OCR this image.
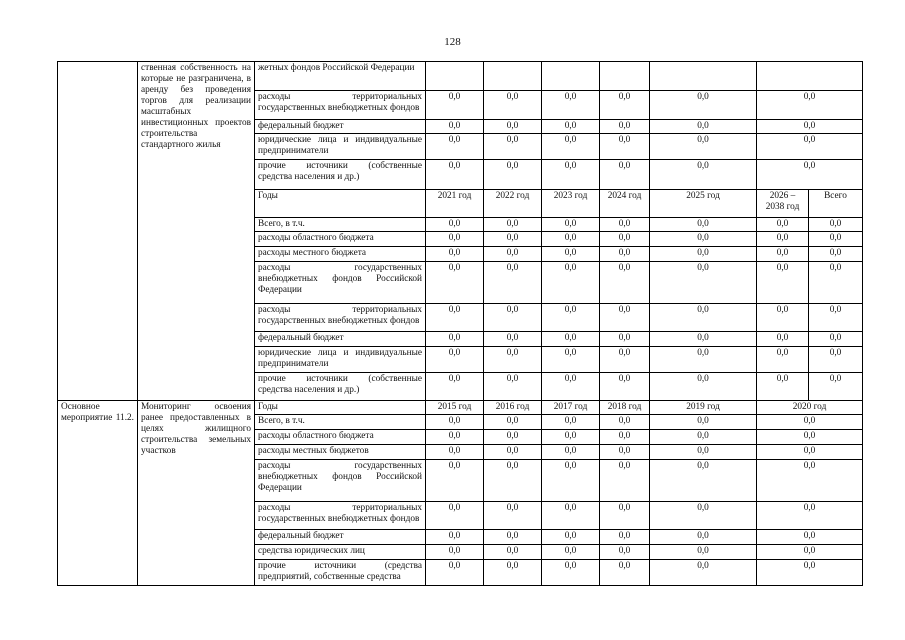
128
	ственная собственность на которые не разграничена, в аренду без проведения торгов для реализации масштабных инвестиционных проектов строительства стандартного жилья	жетных фондов Российской Федерации								
		расходы территориальных государственных внебюджетных фондов	0,0	0,0	0,0	0,0	0,0	0,0		
		федеральный бюджет	0,0	0,0	0,0	0,0	0,0	0,0		
		юридические лица и индивидуальные предприниматели	0,0	0,0	0,0	0,0	0,0	0,0		
		прочие источники (собственные средства населения и др.)	0,0	0,0	0,0	0,0	0,0	0,0		
		Годы	2021 год	2022 год	2023 год	2024 год	2025 год	2026 – 2038 год	Всего	
		Всего, в т.ч.	0,0	0,0	0,0	0,0	0,0	0,0	0,0	
		расходы областного бюджета	0,0	0,0	0,0	0,0	0,0	0,0	0,0	
		расходы местного бюджета	0,0	0,0	0,0	0,0	0,0	0,0	0,0	
		расходы государственных внебюджетных фондов Российской Федерации	0,0	0,0	0,0	0,0	0,0	0,0	0,0	
		расходы территориальных государственных внебюджетных фондов	0,0	0,0	0,0	0,0	0,0	0,0	0,0	
		федеральный бюджет	0,0	0,0	0,0	0,0	0,0	0,0	0,0	
		юридические лица и индивидуальные предприниматели	0,0	0,0	0,0	0,0	0,0	0,0	0,0	
		прочие источники (собственные средства населения и др.)	0,0	0,0	0,0	0,0	0,0	0,0	0,0	
Основное мероприятие 11.2.	Мониторинг освоения ранее предоставленных в целях жилищного строительства земельных участков	Годы	2015 год	2016 год	2017 год	2018 год	2019 год	2020 год		
		Всего, в т.ч.	0,0	0,0	0,0	0,0	0,0	0,0		
		расходы областного бюджета	0,0	0,0	0,0	0,0	0,0	0,0		
		расходы местных бюджетов	0,0	0,0	0,0	0,0	0,0	0,0		
		расходы государственных внебюджетных фондов Российской Федерации	0,0	0,0	0,0	0,0	0,0	0,0		
		расходы территориальных государственных внебюджетных фондов	0,0	0,0	0,0	0,0	0,0	0,0		
		федеральный бюджет	0,0	0,0	0,0	0,0	0,0	0,0		
		средства юридических лиц	0,0	0,0	0,0	0,0	0,0	0,0		
		прочие источники (средства предприятий, собственные средства	0,0	0,0	0,0	0,0	0,0	0,0		
